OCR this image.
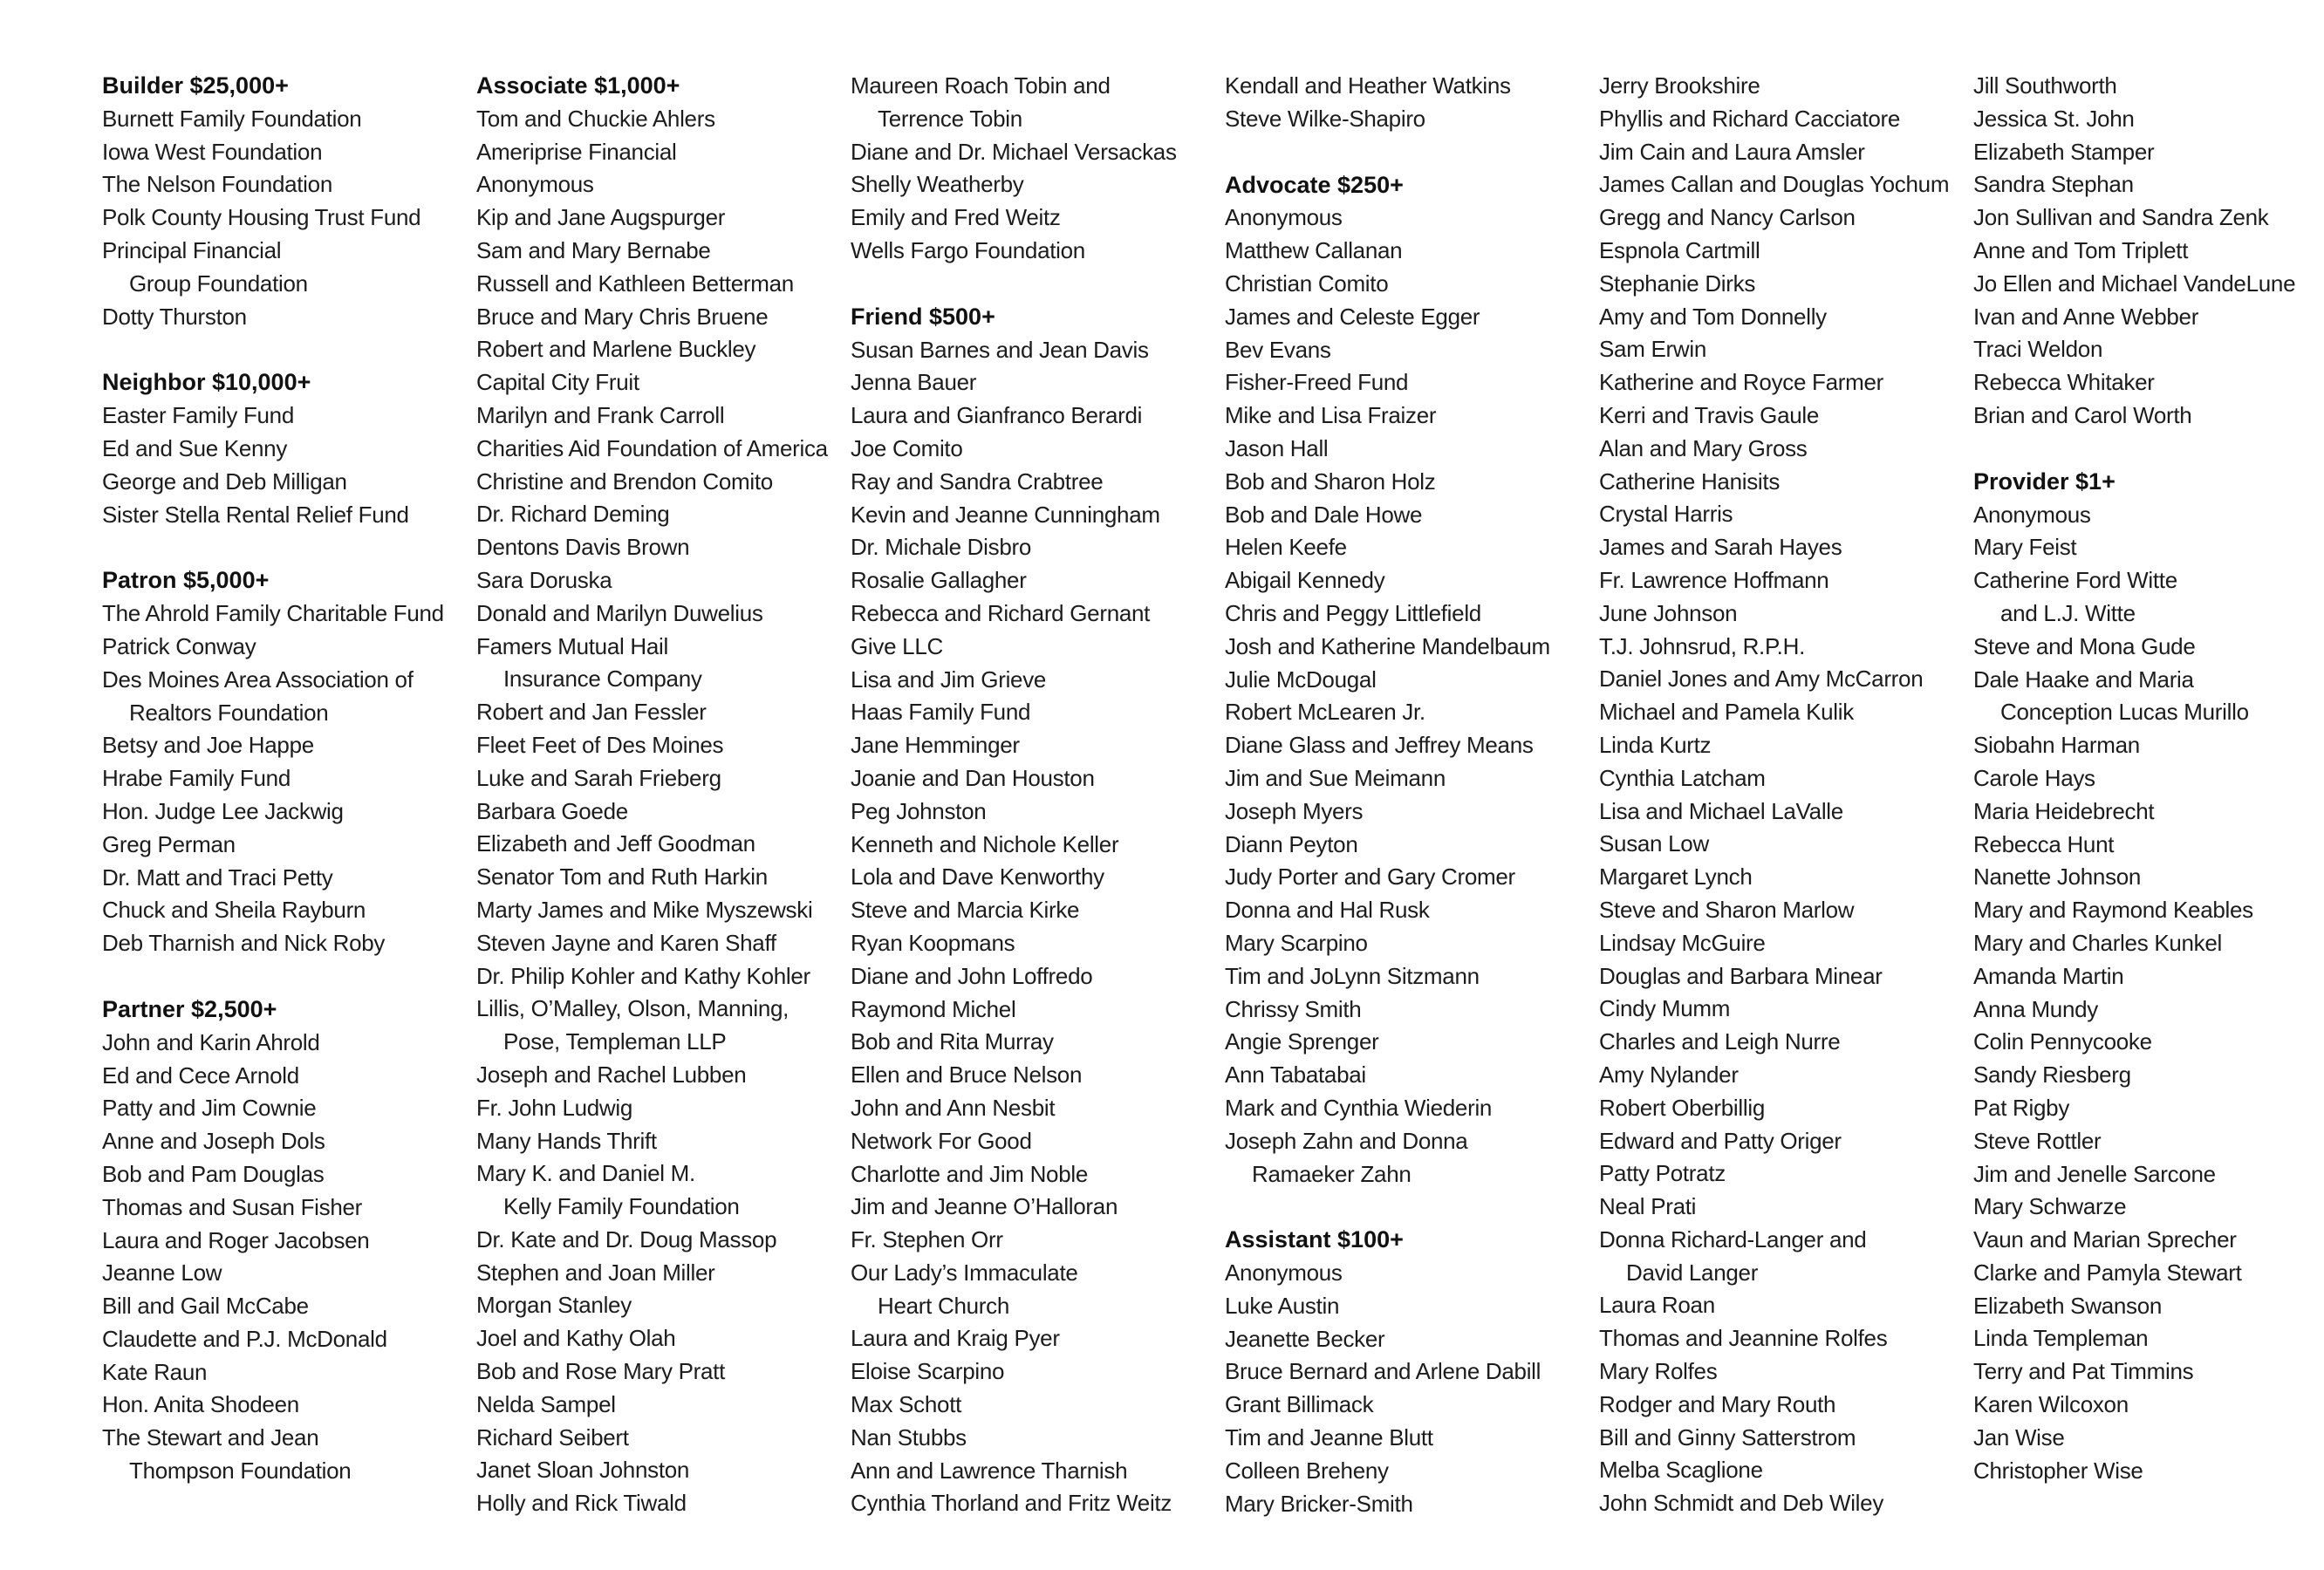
Builder $25,000+
Burnett Family Foundation
Iowa West Foundation
The Nelson Foundation
Polk County Housing Trust Fund
Principal Financial
Group Foundation
Dotty Thurston
Neighbor $10,000+
Easter Family Fund
Ed and Sue Kenny
George and Deb Milligan
Sister Stella Rental Relief Fund
Patron $5,000+
The Ahrold Family Charitable Fund
Patrick Conway
Des Moines Area Association of
Realtors Foundation
Betsy and Joe Happe
Hrabe Family Fund
Hon. Judge Lee Jackwig
Greg Perman
Dr. Matt and Traci Petty
Chuck and Sheila Rayburn
Deb Tharnish and Nick Roby
Partner $2,500+
John and Karin Ahrold
Ed and Cece Arnold
Patty and Jim Cownie
Anne and Joseph Dols
Bob and Pam Douglas
Thomas and Susan Fisher
Laura and Roger Jacobsen
Jeanne Low
Bill and Gail McCabe
Claudette and P.J. McDonald
Kate Raun
Hon. Anita Shodeen
The Stewart and Jean
Thompson Foundation
Associate $1,000+
Tom and Chuckie Ahlers
Ameriprise Financial
Anonymous
Kip and Jane Augspurger
Sam and Mary Bernabe
Russell and Kathleen Betterman
Bruce and Mary Chris Bruene
Robert and Marlene Buckley
Capital City Fruit
Marilyn and Frank Carroll
Charities Aid Foundation of America
Christine and Brendon Comito
Dr. Richard Deming
Dentons Davis Brown
Sara Doruska
Donald and Marilyn Duwelius
Famers Mutual Hail
Insurance Company
Robert and Jan Fessler
Fleet Feet of Des Moines
Luke and Sarah Frieberg
Barbara Goede
Elizabeth and Jeff Goodman
Senator Tom and Ruth Harkin
Marty James and Mike Myszewski
Steven Jayne and Karen Shaff
Dr. Philip Kohler and Kathy Kohler
Lillis, O’Malley, Olson, Manning,
Pose, Templeman LLP
Joseph and Rachel Lubben
Fr. John Ludwig
Many Hands Thrift
Mary K. and Daniel M.
Kelly Family Foundation
Dr. Kate and Dr. Doug Massop
Stephen and Joan Miller
Morgan Stanley
Joel and Kathy Olah
Bob and Rose Mary Pratt
Nelda Sampel
Richard Seibert
Janet Sloan Johnston
Holly and Rick Tiwald
Maureen Roach Tobin and
Terrence Tobin
Diane and Dr. Michael Versackas
Shelly Weatherby
Emily and Fred Weitz
Wells Fargo Foundation
Friend $500+
Susan Barnes and Jean Davis
Jenna Bauer
Laura and Gianfranco Berardi
Joe Comito
Ray and Sandra Crabtree
Kevin and Jeanne Cunningham
Dr. Michale Disbro
Rosalie Gallagher
Rebecca and Richard Gernant
Give LLC
Lisa and Jim Grieve
Haas Family Fund
Jane Hemminger
Joanie and Dan Houston
Peg Johnston
Kenneth and Nichole Keller
Lola and Dave Kenworthy
Steve and Marcia Kirke
Ryan Koopmans
Diane and John Loffredo
Raymond Michel
Bob and Rita Murray
Ellen and Bruce Nelson
John and Ann Nesbit
Network For Good
Charlotte and Jim Noble
Jim and Jeanne O’Halloran
Fr. Stephen Orr
Our Lady’s Immaculate
Heart Church
Laura and Kraig Pyer
Eloise Scarpino
Max Schott
Nan Stubbs
Ann and Lawrence Tharnish
Cynthia Thorland and Fritz Weitz
Kendall and Heather Watkins
Steve Wilke-Shapiro
Advocate $250+
Anonymous
Matthew Callanan
Christian Comito
James and Celeste Egger
Bev Evans
Fisher-Freed Fund
Mike and Lisa Fraizer
Jason Hall
Bob and Sharon Holz
Bob and Dale Howe
Helen Keefe
Abigail Kennedy
Chris and Peggy Littlefield
Josh and Katherine Mandelbaum
Julie McDougal
Robert McLearen Jr.
Diane Glass and Jeffrey Means
Jim and Sue Meimann
Joseph Myers
Diann Peyton
Judy Porter and Gary Cromer
Donna and Hal Rusk
Mary Scarpino
Tim and JoLynn Sitzmann
Chrissy Smith
Angie Sprenger
Ann Tabatabai
Mark and Cynthia Wiederin
Joseph Zahn and Donna
Ramaeker Zahn
Assistant $100+
Anonymous
Luke Austin
Jeanette Becker
Bruce Bernard and Arlene Dabill
Grant Billimack
Tim and Jeanne Blutt
Colleen Breheny
Mary Bricker-Smith
Jerry Brookshire
Phyllis and Richard Cacciatore
Jim Cain and Laura Amsler
James Callan and Douglas Yochum
Gregg and Nancy Carlson
Espnola Cartmill
Stephanie Dirks
Amy and Tom Donnelly
Sam Erwin
Katherine and Royce Farmer
Kerri and Travis Gaule
Alan and Mary Gross
Catherine Hanisits
Crystal Harris
James and Sarah Hayes
Fr. Lawrence Hoffmann
June Johnson
T.J. Johnsrud, R.P.H.
Daniel Jones and Amy McCarron
Michael and Pamela Kulik
Linda Kurtz
Cynthia Latcham
Lisa and Michael LaValle
Susan Low
Margaret Lynch
Steve and Sharon Marlow
Lindsay McGuire
Douglas and Barbara Minear
Cindy Mumm
Charles and Leigh Nurre
Amy Nylander
Robert Oberbillig
Edward and Patty Origer
Patty Potratz
Neal Prati
Donna Richard-Langer and
David Langer
Laura Roan
Thomas and Jeannine Rolfes
Mary Rolfes
Rodger and Mary Routh
Bill and Ginny Satterstrom
Melba Scaglione
John Schmidt and Deb Wiley
Jill Southworth
Jessica St. John
Elizabeth Stamper
Sandra Stephan
Jon Sullivan and Sandra Zenk
Anne and Tom Triplett
Jo Ellen and Michael VandeLune
Ivan and Anne Webber
Traci Weldon
Rebecca Whitaker
Brian and Carol Worth
Provider $1+
Anonymous
Mary Feist
Catherine Ford Witte
and L.J. Witte
Steve and Mona Gude
Dale Haake and Maria
Conception Lucas Murillo
Siobahn Harman
Carole Hays
Maria Heidebrecht
Rebecca Hunt
Nanette Johnson
Mary and Raymond Keables
Mary and Charles Kunkel
Amanda Martin
Anna Mundy
Colin Pennycooke
Sandy Riesberg
Pat Rigby
Steve Rottler
Jim and Jenelle Sarcone
Mary Schwarze
Vaun and Marian Sprecher
Clarke and Pamyla Stewart
Elizabeth Swanson
Linda Templeman
Terry and Pat Timmins
Karen Wilcoxon
Jan Wise
Christopher Wise
